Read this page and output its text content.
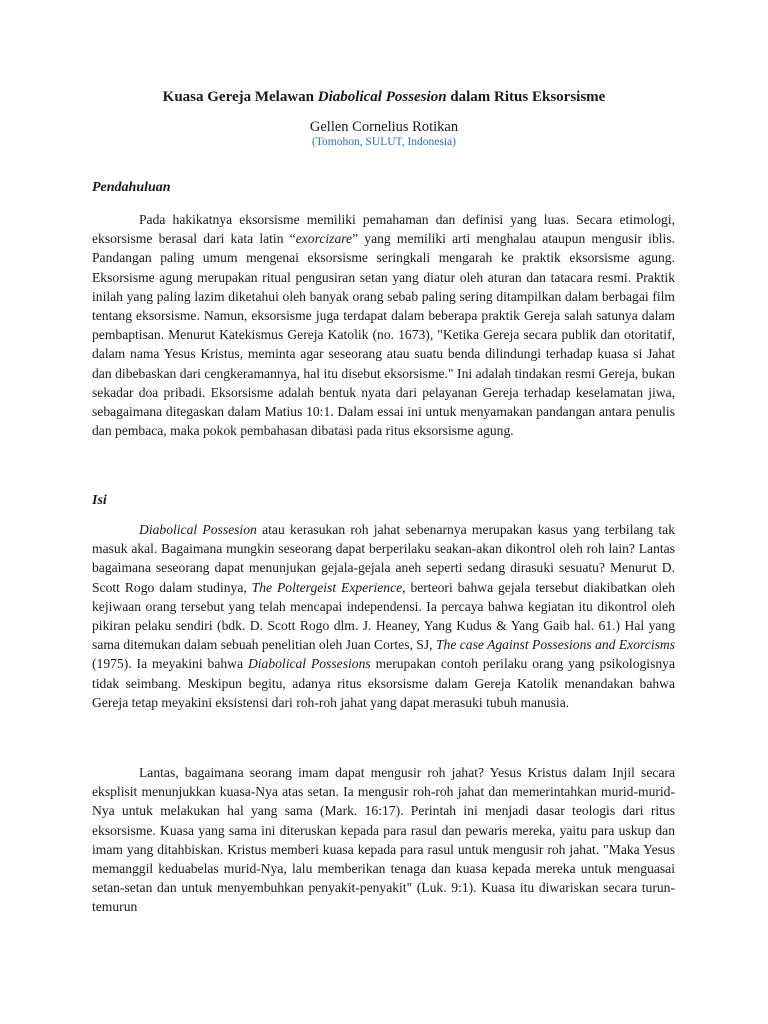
Kuasa Gereja Melawan Diabolical Possesion dalam Ritus Eksorsisme
Gellen Cornelius Rotikan
(Tomohon, SULUT, Indonesia)
Pendahuluan

Pada hakikatnya eksorsisme memiliki pemahaman dan definisi yang luas. Secara etimologi, eksorsisme berasal dari kata latin “exorcizare” yang memiliki arti menghalau ataupun mengusir iblis. Pandangan paling umum mengenai eksorsisme seringkali mengarah ke praktik eksorsisme agung. Eksorsisme agung merupakan ritual pengusiran setan yang diatur oleh aturan dan tatacara resmi. Praktik inilah yang paling lazim diketahui oleh banyak orang sebab paling sering ditampilkan dalam berbagai film tentang eksorsisme. Namun, eksorsisme juga terdapat dalam beberapa praktik Gereja salah satunya dalam pembaptisan. Menurut Katekismus Gereja Katolik (no. 1673), "Ketika Gereja secara publik dan otoritatif, dalam nama Yesus Kristus, meminta agar seseorang atau suatu benda dilindungi terhadap kuasa si Jahat dan dibebaskan dari cengkeramannya, hal itu disebut eksorsisme." Ini adalah tindakan resmi Gereja, bukan sekadar doa pribadi. Eksorsisme adalah bentuk nyata dari pelayanan Gereja terhadap keselamatan jiwa, sebagaimana ditegaskan dalam Matius 10:1. Dalam essai ini untuk menyamakan pandangan antara penulis dan pembaca, maka pokok pembahasan dibatasi pada ritus eksorsisme agung.

Isi

Diabolical Possesion atau kerasukan roh jahat sebenarnya merupakan kasus yang terbilang tak masuk akal. Bagaimana mungkin seseorang dapat berperilaku seakan-akan dikontrol oleh roh lain? Lantas bagaimana seseorang dapat menunjukan gejala-gejala aneh seperti sedang dirasuki sesuatu? Menurut D. Scott Rogo dalam studinya, The Poltergeist Experience, berteori bahwa gejala tersebut diakibatkan oleh kejiwaan orang tersebut yang telah mencapai independensi. Ia percaya bahwa kegiatan itu dikontrol oleh pikiran pelaku sendiri (bdk. D. Scott Rogo dlm. J. Heaney, Yang Kudus & Yang Gaib hal. 61.) Hal yang sama ditemukan dalam sebuah penelitian oleh Juan Cortes, SJ, The case Against Possesions and Exorcisms (1975). Ia meyakini bahwa Diabolical Possesions merupakan contoh perilaku orang yang psikologisnya tidak seimbang. Meskipun begitu, adanya ritus eksorsisme dalam Gereja Katolik menandakan bahwa Gereja tetap meyakini eksistensi dari roh-roh jahat yang dapat merasuki tubuh manusia.

Lantas, bagaimana seorang imam dapat mengusir roh jahat? Yesus Kristus dalam Injil secara eksplisit menunjukkan kuasa-Nya atas setan. Ia mengusir roh-roh jahat dan memerintahkan murid-murid-Nya untuk melakukan hal yang sama (Mark. 16:17). Perintah ini menjadi dasar teologis dari ritus eksorsisme. Kuasa yang sama ini diteruskan kepada para rasul dan pewaris mereka, yaitu para uskup dan imam yang ditahbiskan. Kristus memberi kuasa kepada para rasul untuk mengusir roh jahat. "Maka Yesus memanggil keduabelas murid-Nya, lalu memberikan tenaga dan kuasa kepada mereka untuk menguasai setan-setan dan untuk menyembuhkan penyakit-penyakit" (Luk. 9:1). Kuasa itu diwariskan secara turun-temurun
